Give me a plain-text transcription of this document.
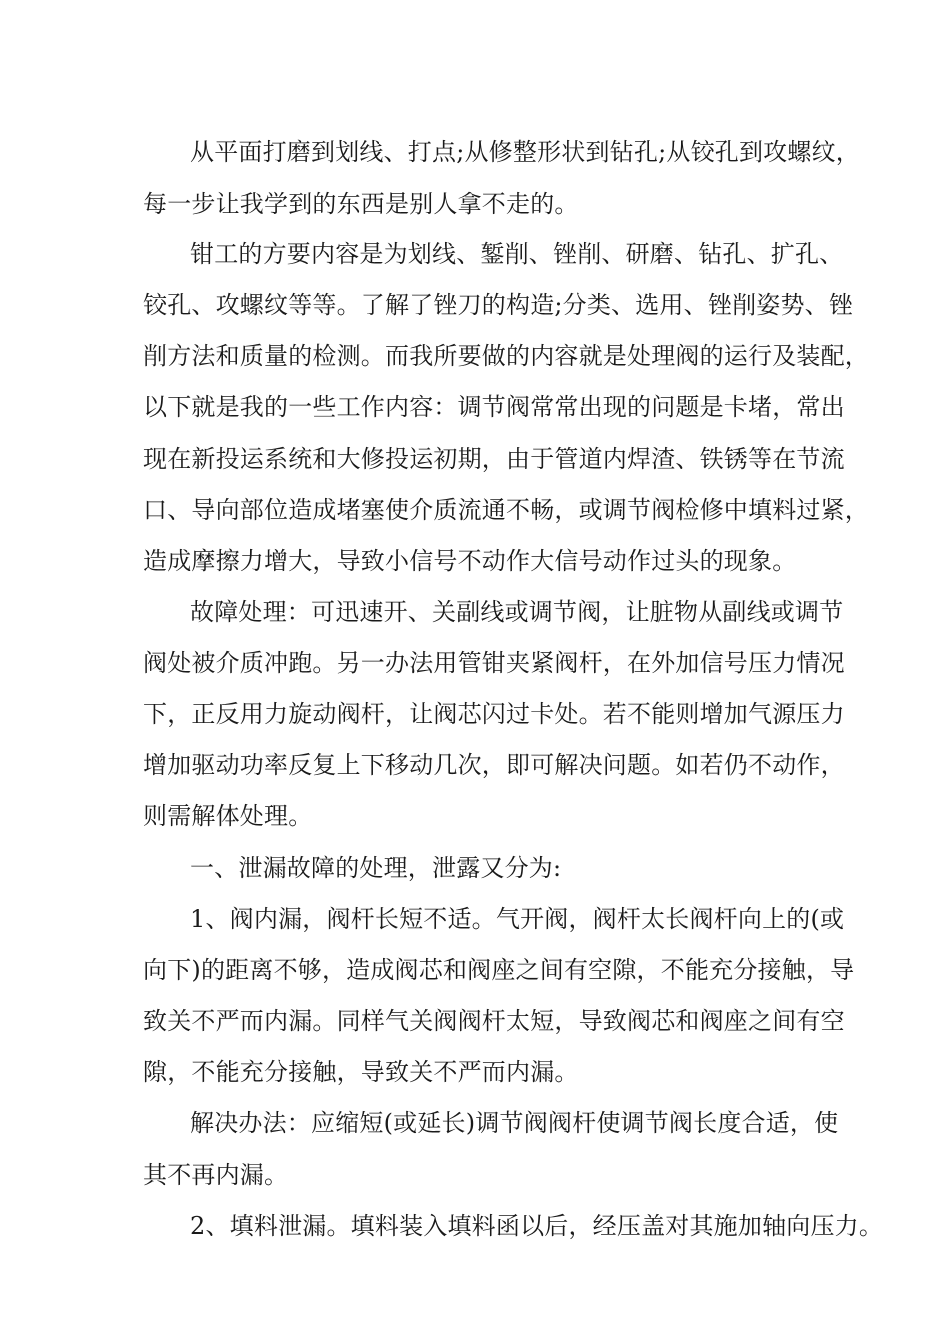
从平面打磨到划线、打点;从修整形状到钻孔;从铰孔到攻螺纹，
每一步让我学到的东西是别人拿不走的。
钳工的方要内容是为划线、錾削、锉削、研磨、钻孔、扩孔、
铰孔、攻螺纹等等。了解了锉刀的构造;分类、选用、锉削姿势、锉
削方法和质量的检测。而我所要做的内容就是处理阀的运行及装配，
以下就是我的一些工作内容：调节阀常常出现的问题是卡堵，常出
现在新投运系统和大修投运初期，由于管道内焊渣、铁锈等在节流
口、导向部位造成堵塞使介质流通不畅，或调节阀检修中填料过紧，
造成摩擦力增大，导致小信号不动作大信号动作过头的现象。
故障处理：可迅速开、关副线或调节阀，让脏物从副线或调节
阀处被介质冲跑。另一办法用管钳夹紧阀杆，在外加信号压力情况
下，正反用力旋动阀杆，让阀芯闪过卡处。若不能则增加气源压力
增加驱动功率反复上下移动几次，即可解决问题。如若仍不动作，
则需解体处理。
一、泄漏故障的处理，泄露又分为:
1、阀内漏，阀杆长短不适。气开阀，阀杆太长阀杆向上的(或
向下)的距离不够，造成阀芯和阀座之间有空隙，不能充分接触，导
致关不严而内漏。同样气关阀阀杆太短，导致阀芯和阀座之间有空
隙，不能充分接触，导致关不严而内漏。
解决办法：应缩短(或延长)调节阀阀杆使调节阀长度合适，使
其不再内漏。
2、填料泄漏。填料装入填料函以后，经压盖对其施加轴向压力。
